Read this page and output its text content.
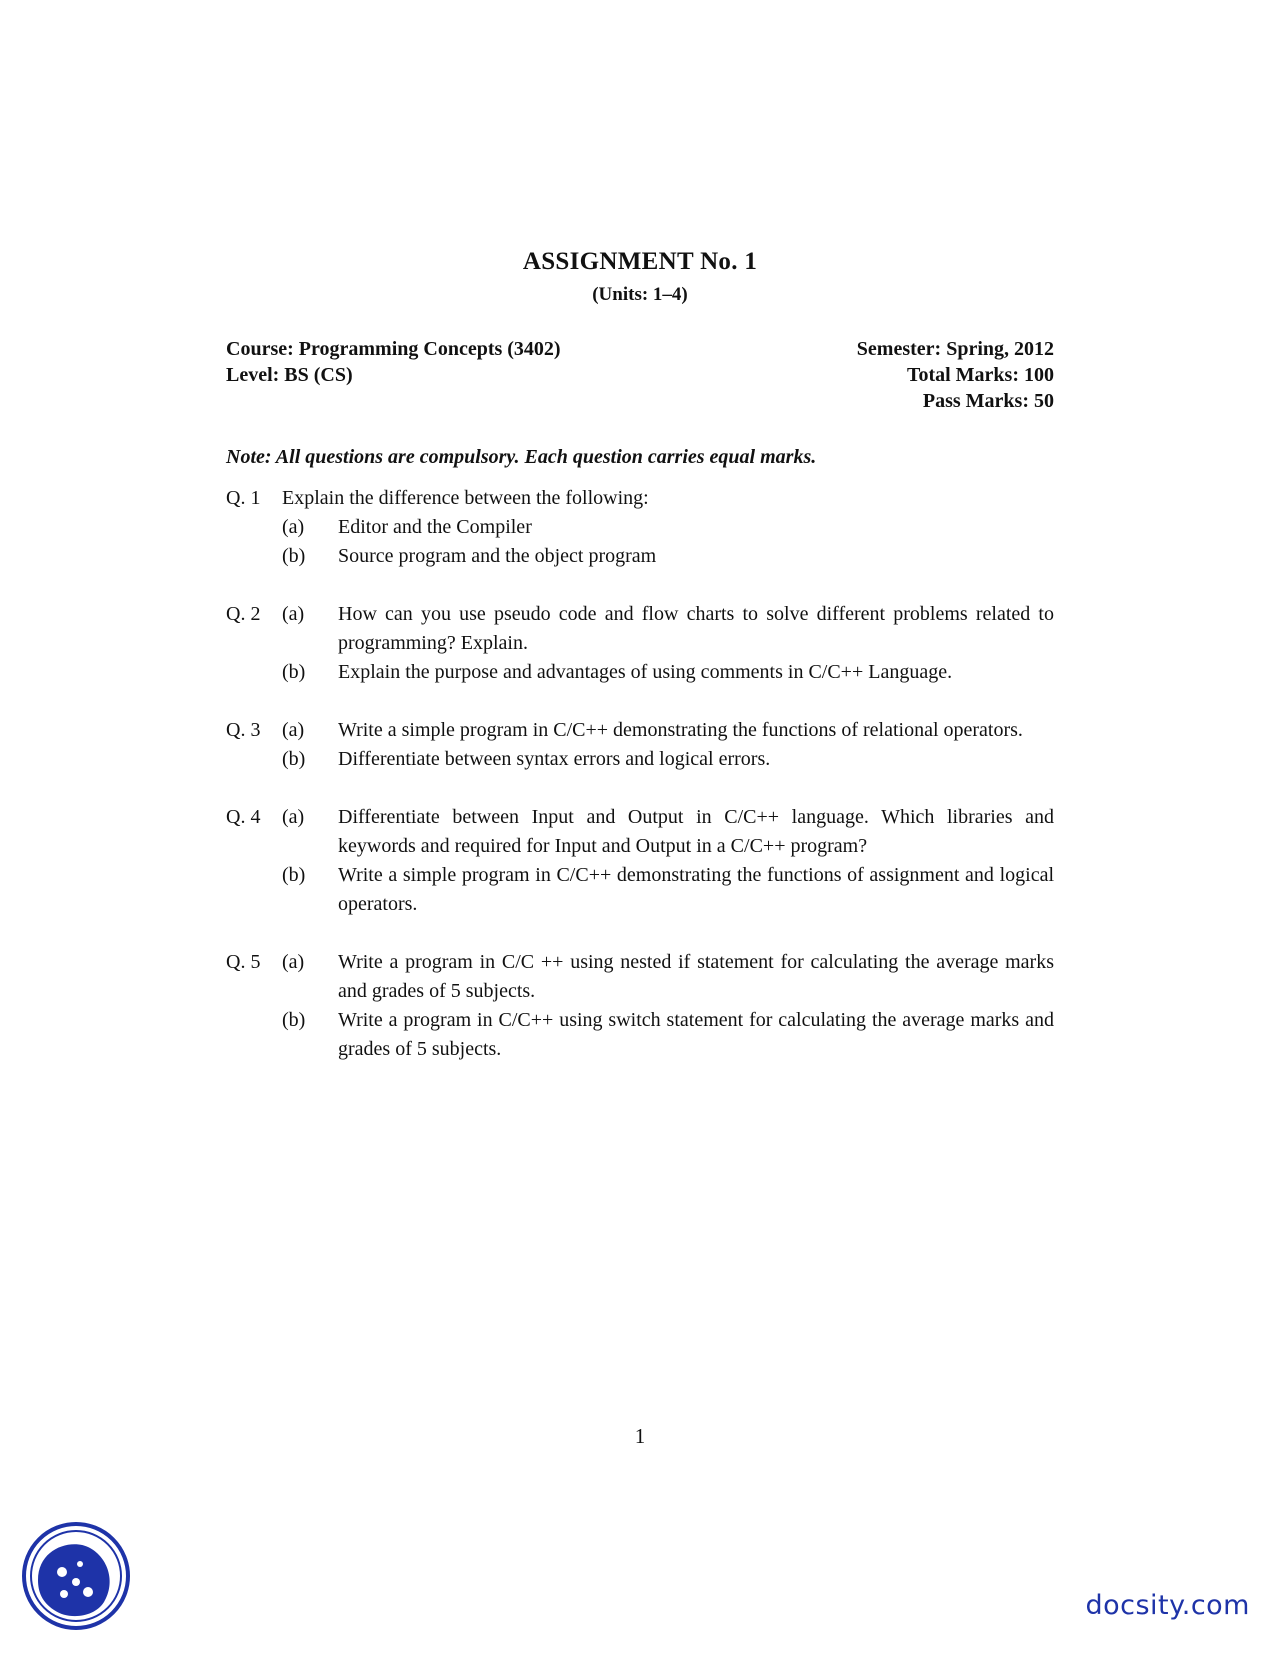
ASSIGNMENT No. 1
(Units: 1–4)
Course: Programming Concepts (3402)
Level: BS (CS)
Semester: Spring, 2012
Total Marks: 100
Pass Marks: 50
Note: All questions are compulsory. Each question carries equal marks.
Q. 1	Explain the difference between the following:
(a)	Editor and the Compiler
(b)	Source program and the object program
Q. 2	(a)	How can you use pseudo code and flow charts to solve different problems related to programming? Explain.
(b)	Explain the purpose and advantages of using comments in C/C++ Language.
Q. 3	(a)	Write a simple program in C/C++ demonstrating the functions of relational operators.
(b)	Differentiate between syntax errors and logical errors.
Q. 4	(a)	Differentiate between Input and Output in C/C++ language. Which libraries and keywords and required for Input and Output in a C/C++ program?
(b)	Write a simple program in C/C++ demonstrating the functions of assignment and logical operators.
Q. 5	(a)	Write a program in C/C ++ using nested if statement for calculating the average marks and grades of 5 subjects.
(b)	Write a program in C/C++ using switch statement for calculating the average marks and grades of 5 subjects.
1
docsity.com
